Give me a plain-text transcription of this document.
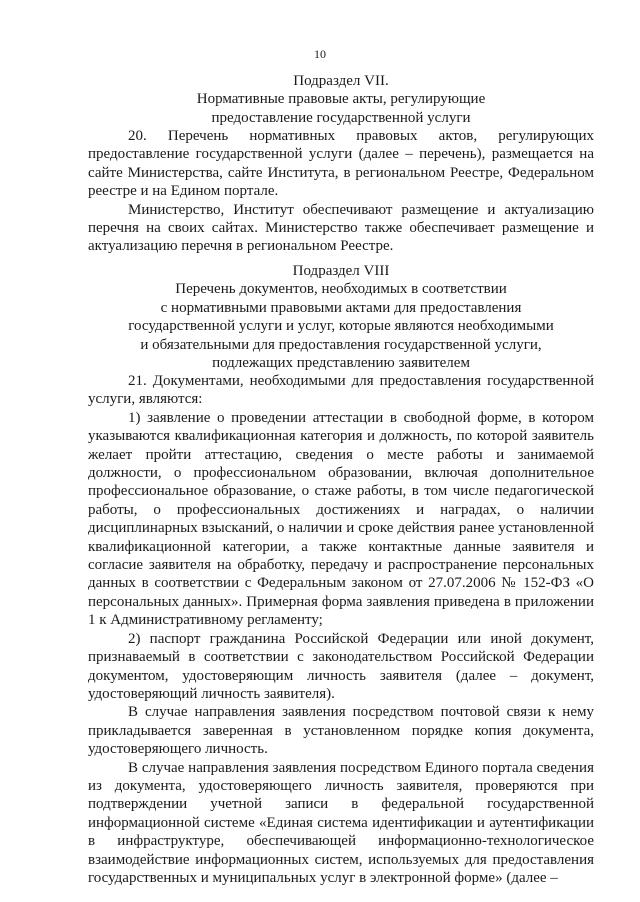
10

Подраздел VII.

Нормативные правовые акты, регулирующие

предоставление государственной услуги

20. Перечень нормативных правовых актов, регулирующих предоставление государственной услуги (далее – перечень), размещается на сайте Министерства, сайте Института, в региональном Реестре, Федеральном реестре и на Едином портале.

Министерство, Институт обеспечивают размещение и актуализацию перечня на своих сайтах. Министерство также обеспечивает размещение и актуализацию перечня в региональном Реестре.

Подраздел VIII

Перечень документов, необходимых в соответствии

с нормативными правовыми актами для предоставления

государственной услуги и услуг, которые являются необходимыми

и обязательными для предоставления государственной услуги,

подлежащих представлению заявителем

21. Документами, необходимыми для предоставления государственной услуги, являются:

1) заявление о проведении аттестации в свободной форме, в котором указываются квалификационная категория и должность, по которой заявитель желает пройти аттестацию, сведения о месте работы и занимаемой должности, о профессиональном образовании, включая дополнительное профессиональное образование, о стаже работы, в том числе педагогической работы, о профессиональных достижениях и наградах, о наличии дисциплинарных взысканий, о наличии и сроке действия ранее установленной квалификационной категории, а также контактные данные заявителя и согласие заявителя на обработку, передачу и распространение персональных данных в соответствии с Федеральным законом от 27.07.2006 № 152-ФЗ «О персональных данных». Примерная форма заявления приведена в приложении 1 к Административному регламенту;

2) паспорт гражданина Российской Федерации или иной документ, признаваемый в соответствии с законодательством Российской Федерации документом, удостоверяющим личность заявителя (далее – документ, удостоверяющий личность заявителя).

В случае направления заявления посредством почтовой связи к нему прикладывается заверенная в установленном порядке копия документа, удостоверяющего личность.

В случае направления заявления посредством Единого портала сведения из документа, удостоверяющего личность заявителя, проверяются при подтверждении учетной записи в федеральной государственной информационной системе «Единая система идентификации и аутентификации в инфраструктуре, обеспечивающей информационно-технологическое взаимодействие информационных систем, используемых для предоставления государственных и муниципальных услуг в электронной форме» (далее –
